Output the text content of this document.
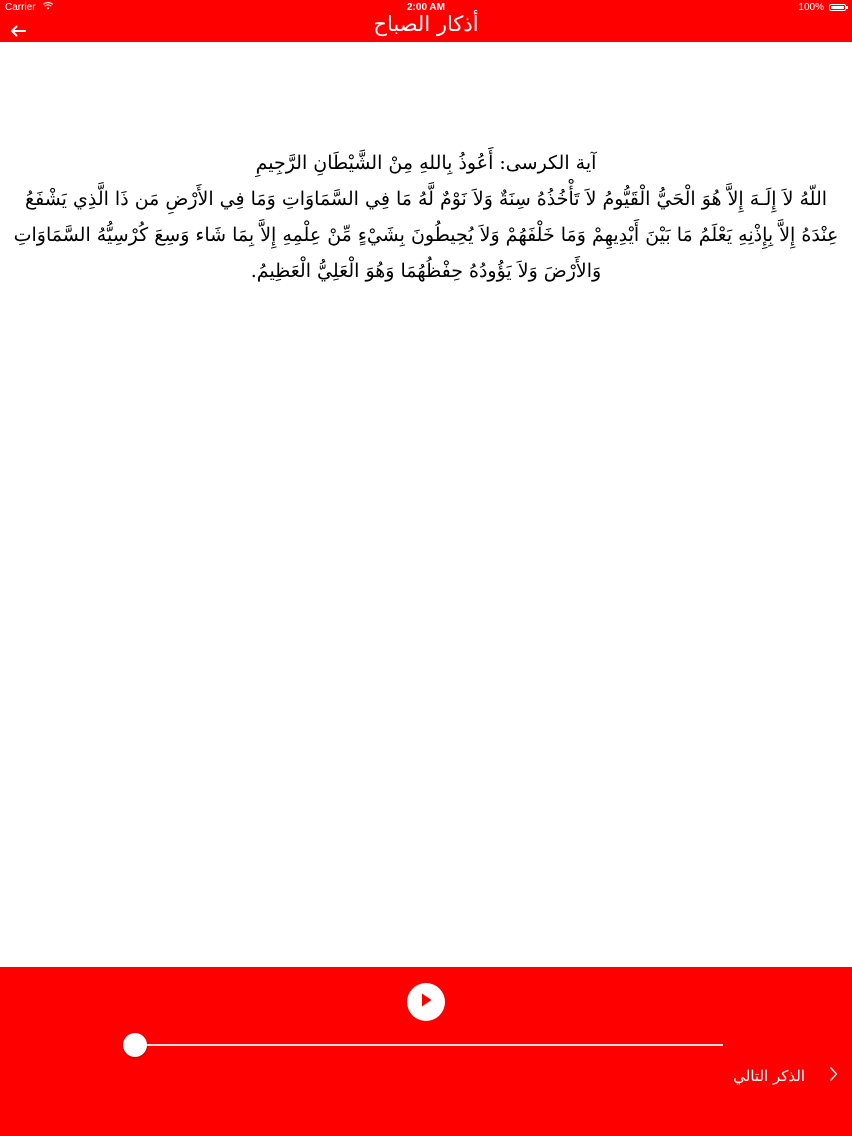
Carrier	2:00 AM	100%
أذكار الصباح

آية الكرسى: أَعُوذُ بِاللهِ مِنْ الشَّيْطَانِ الرَّجِيمِ

اللّهُ لاَ إِلَـهَ إِلاَّ هُوَ الْحَيُّ الْقَيُّومُ لاَ تَأْخُذُهُ سِنَةٌ وَلاَ نَوْمٌ لَّهُ مَا فِي السَّمَاوَاتِ وَمَا فِي الأَرْضِ مَن ذَا الَّذِي يَشْفَعُ عِنْدَهُ إِلاَّ بِإِذْنِهِ يَعْلَمُ مَا بَيْنَ أَيْدِيهِمْ وَمَا خَلْفَهُمْ وَلاَ يُحِيطُونَ بِشَيْءٍ مِّنْ عِلْمِهِ إِلاَّ بِمَا شَاء وَسِعَ كُرْسِيُّهُ السَّمَاوَاتِ وَالأَرْضَ وَلاَ يَؤُودُهُ حِفْظُهُمَا وَهُوَ الْعَلِيُّ الْعَظِيمُ.

الذكر التالي
